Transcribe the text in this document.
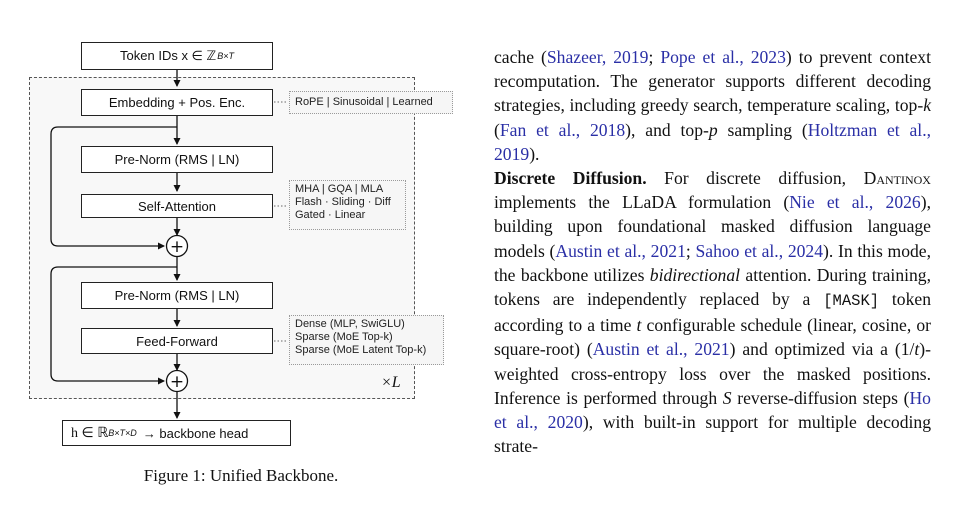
+
+
Token IDs x ∈ ℤ B×T
Embedding + Pos. Enc.	RoPE | Sinusoidal | Learned
Pre-Norm (RMS | LN)
Self-Attention
MHA | GQA | MLA
Flash · Sliding · Diff
Gated · Linear
Pre-Norm (RMS | LN)
Feed-Forward
Dense (MLP, SwiGLU)
Sparse (MoE Top-k)
Sparse (MoE Latent Top-k)
×L
h ∈ ℝ B×T×D → backbone head
Figure 1: Unified Backbone.

cache (Shazeer, 2019; Pope et al., 2023) to prevent context recomputation. The generator supports different decoding strategies, including greedy search, temperature scaling, top-k (Fan et al., 2018), and top-p sampling (Holtzman et al., 2019).

Discrete Diffusion. For discrete diffusion, Dantinox implements the LLaDA formulation (Nie et al., 2026), building upon foundational masked diffusion language models (Austin et al., 2021; Sahoo et al., 2024). In this mode, the backbone utilizes bidirectional attention. During training, tokens are independently replaced by a [MASK] token according to a time t configurable schedule (linear, cosine, or square-root) (Austin et al., 2021) and optimized via a (1/t)-weighted cross-entropy loss over the masked positions. Inference is performed through S reverse-diffusion steps (Ho et al., 2020), with built-in support for multiple decoding strate-
